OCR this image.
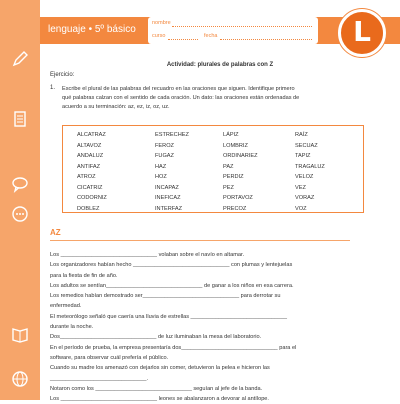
lenguaje • 5º básico
nombre
curso	fecha	L
Actividad: plurales de palabras con Z
Ejercicio:
1. Escribe el plural de las palabras del recuadro en las oraciones que siguen. Identifique primero
qué palabras calzan con el sentido de cada oración. Un dato: las oraciones están ordenadas de
acuerdo a su terminación: az, ez, iz, oz, uz.
ALCATRAZ
ALTAVOZ
ANDALUZ
ANTIFAZ
ATROZ
CICATRIZ
CODORNIZ
DOBLEZ
ESTRECHEZ
FEROZ
FUGAZ
HAZ
HOZ
INCAPAZ
INEFICAZ
INTERFAZ
LÁPIZ
LOMBRIZ
ORDINARIEZ
PAZ
PERDIZ
PEZ
PORTAVOZ
PRECOZ
RAÍZ
SECUAZ
TAPIZ
TRAGALUZ
VELOZ
VEZ
VORAZ
VOZ
AZ
Los _______________________________ volaban sobre el navío en altamar.
Los organizadores habían hecho _______________________________ con plumas y lentejuelas
para la fiesta de fin de año.
Los adultos se sentían_______________________________ de ganar a los niños en esa carrera.
Los remedios habían demostrado ser_______________________________ para derrotar su
enfermedad.
El meteorólogo señaló que caería una lluvia de estrellas _______________________________
durante la noche.
Dos_______________________________ de luz iluminaban la mesa del laboratorio.
En el período de prueba, la empresa presentaría dos_______________________________ para el
software, para observar cuál prefería el público.
Cuando su madre los amenazó con dejarlos sin comer, detuvieron la pelea e hicieron las
_______________________________.
Notaron como los _______________________________ seguían al jefe de la banda.
Los _______________________________ leones se abalanzaron a devorar al antílope.
